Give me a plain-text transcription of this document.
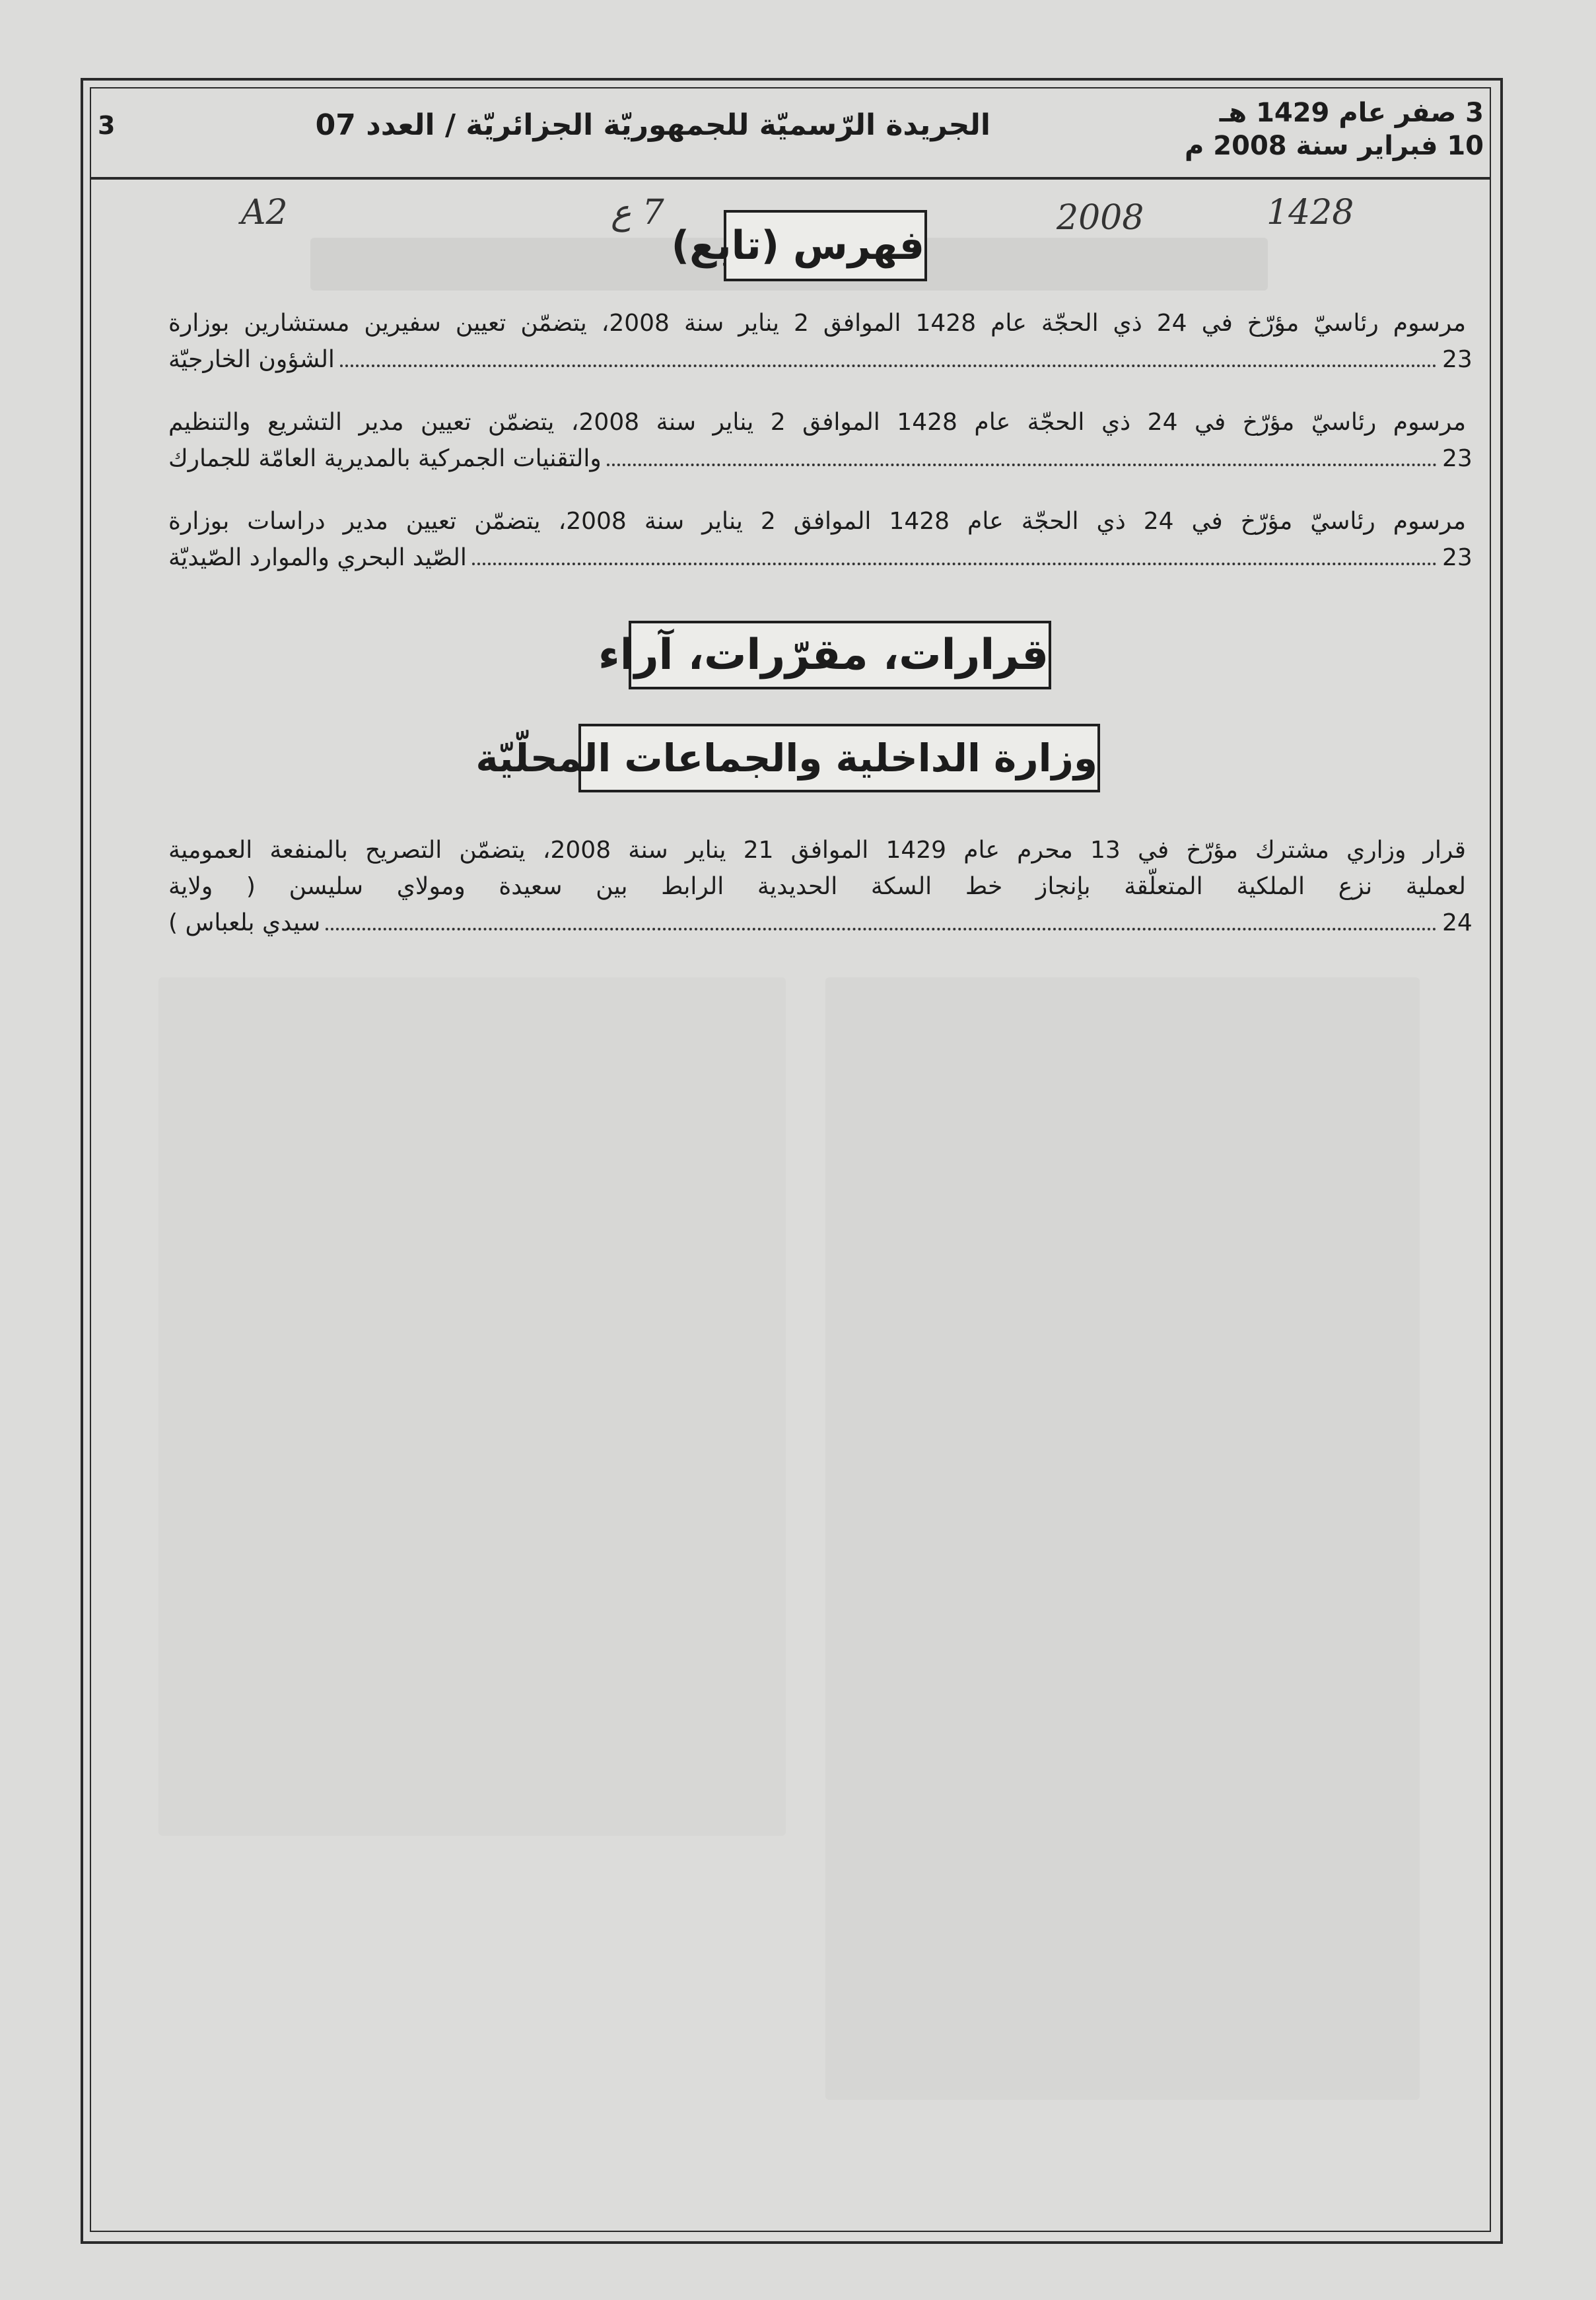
3 صفر عام 1429 هـ
10 فبراير سنة 2008 م
الجريدة الرّسميّة للجمهوريّة الجزائريّة / العدد 07
3
A2	7 ع	2008	1428
فهرس (تابع)

مرسوم رئاسيّ مؤرّخ في 24 ذي الحجّة عام 1428 الموافق 2 يناير سنة 2008، يتضمّن تعيين سفيرين مستشارين بوزارة

الشؤون الخارجيّة	23

مرسوم رئاسيّ مؤرّخ في 24 ذي الحجّة عام 1428 الموافق 2 يناير سنة 2008، يتضمّن تعيين مدير التشريع والتنظيم

والتقنيات الجمركية بالمديرية العامّة للجمارك	23

مرسوم رئاسيّ مؤرّخ في 24 ذي الحجّة عام 1428 الموافق 2 يناير سنة 2008، يتضمّن تعيين مدير دراسات بوزارة

الصّيد البحري والموارد الصّيديّة	23

قرارات، مقرّرات، آراء
وزارة الداخلية والجماعات المحلّيّة

قرار وزاري مشترك مؤرّخ في 13 محرم عام 1429 الموافق 21 يناير سنة 2008، يتضمّن التصريح بالمنفعة العمومية

لعملية نزع الملكية المتعلّقة بإنجاز خط السكة الحديدية الرابط بين سعيدة ومولاي سليسن ( ولاية

سيدي بلعباس )	24
